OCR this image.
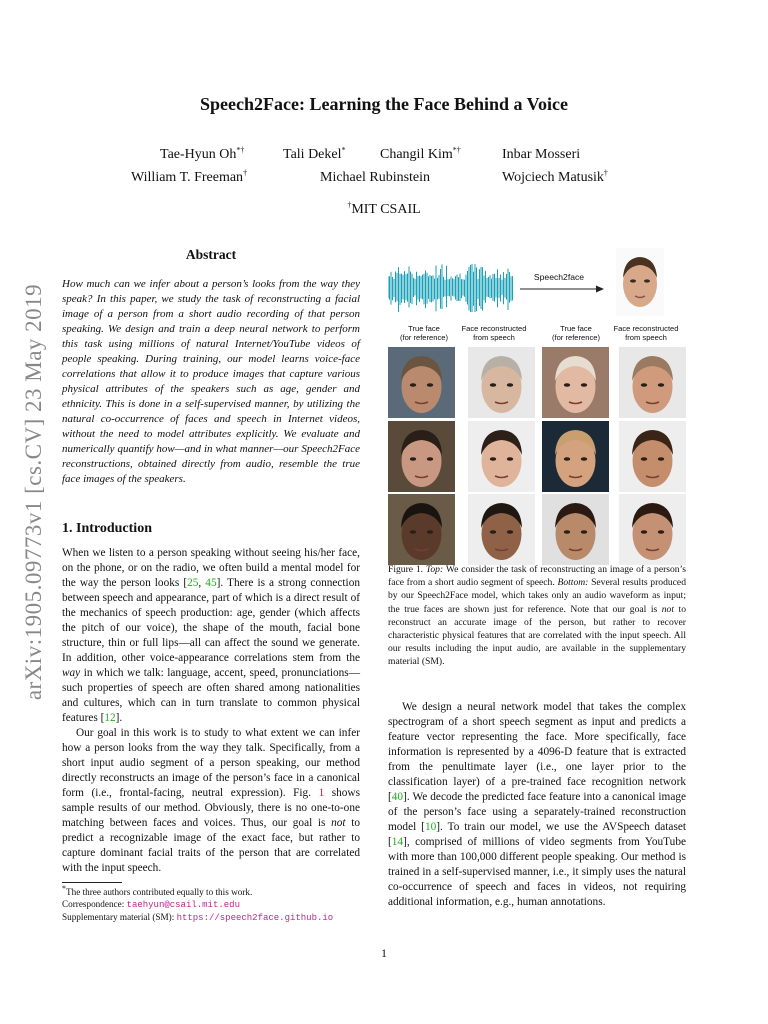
Speech2Face: Learning the Face Behind a Voice
Tae-Hyun Oh*†	Tali Dekel* Changil Kim*†	Inbar Mosseri
William T. Freeman†	Michael Rubinstein	Wojciech Matusik†
†MIT CSAIL
arXiv:1905.09773v1 [cs.CV] 23 May 2019
Abstract

How much can we infer about a person’s looks from the way they speak? In this paper, we study the task of reconstructing a facial image of a person from a short audio recording of that person speaking. We design and train a deep neural network to perform this task using millions of natural Internet/YouTube videos of people speaking. During training, our model learns voice-face correlations that allow it to produce images that capture various physical attributes of the speakers such as age, gender and ethnicity. This is done in a self-supervised manner, by utilizing the natural co-occurrence of faces and speech in Internet videos, without the need to model attributes explicitly. We evaluate and numerically quantify how—and in what manner—our Speech2Face reconstructions, obtained directly from audio, resemble the true face images of the speakers.

1. Introduction

When we listen to a person speaking without seeing his/her face, on the phone, or on the radio, we often build a mental model for the way the person looks [25, 45]. There is a strong connection between speech and appearance, part of which is a direct result of the mechanics of speech production: age, gender (which affects the pitch of our voice), the shape of the mouth, facial bone structure, thin or full lips—all can affect the sound we generate. In addition, other voice-appearance correlations stem from the way in which we talk: language, accent, speed, pronunciations—such properties of speech are often shared among nationalities and cultures, which can in turn translate to common physical features [12].

Our goal in this work is to study to what extent we can infer how a person looks from the way they talk. Specifically, from a short input audio segment of a person speaking, our method directly reconstructs an image of the person’s face in a canonical form (i.e., frontal-facing, neutral expression). Fig. 1 shows sample results of our method. Obviously, there is no one-to-one matching between faces and voices. Thus, our goal is not to predict a recognizable image of the exact face, but rather to capture dominant facial traits of the person that are correlated with the input speech.

We design a neural network model that takes the complex spectrogram of a short speech segment as input and predicts a feature vector representing the face. More specifically, face information is represented by a 4096-D feature that is extracted from the penultimate layer (i.e., one layer prior to the classification layer) of a pre-trained face recognition network [40]. We decode the predicted face feature into a canonical image of the person’s face using a separately-trained reconstruction model [10]. To train our model, we use the AVSpeech dataset [14], comprised of millions of video segments from YouTube with more than 100,000 different people speaking. Our method is trained in a self-supervised manner, i.e., it simply uses the natural co-occurrence of speech and faces in videos, not requiring additional information, e.g., human annotations.

*The three authors contributed equally to this work.
Correspondence: taehyun@csail.mit.edu
Supplementary material (SM): https://speech2face.github.io
Speech2face
True face
(for reference)
Face reconstructed
from speech
True face
(for reference)
Face reconstructed
from speech
Figure 1. Top: We consider the task of reconstructing an image of a person’s face from a short audio segment of speech. Bottom: Several results produced by our Speech2Face model, which takes only an audio waveform as input; the true faces are shown just for reference. Note that our goal is not to reconstruct an accurate image of the person, but rather to recover characteristic physical features that are correlated with the input speech. All our results including the input audio, are available in the supplementary material (SM).
1
